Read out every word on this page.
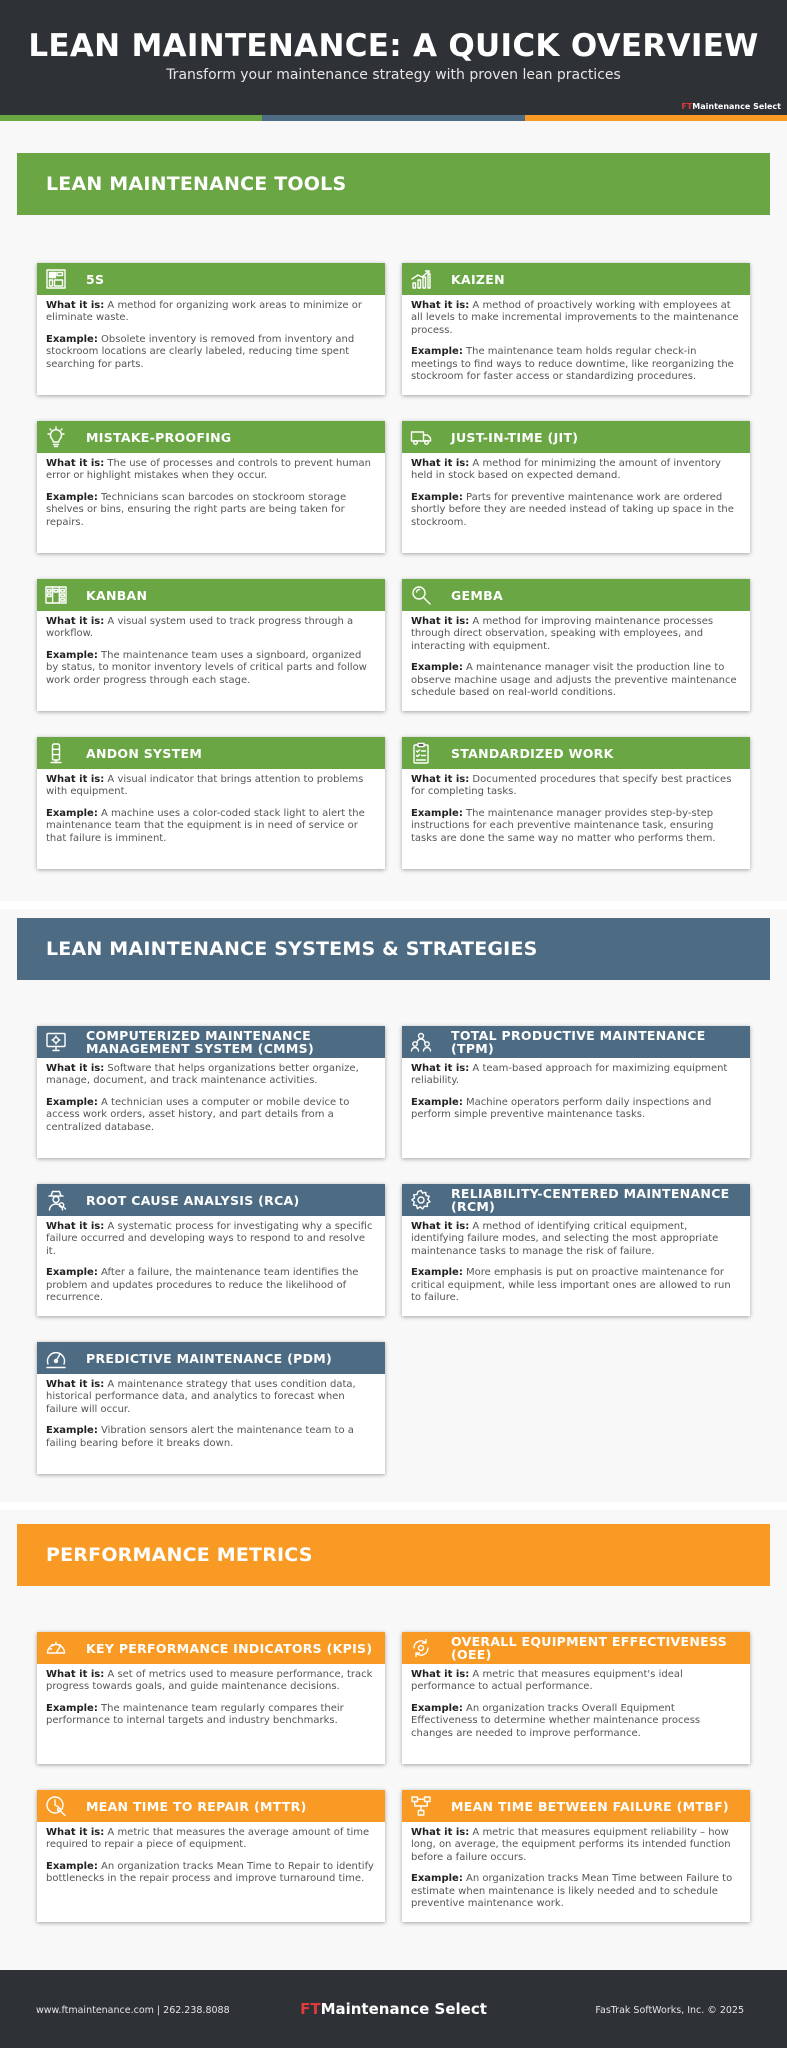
LEAN MAINTENANCE: A QUICK OVERVIEW
Transform your maintenance strategy with proven lean practices
FTMaintenance Select
LEAN MAINTENANCE TOOLS
LEAN MAINTENANCE SYSTEMS & STRATEGIES
PERFORMANCE METRICS
5S

What it is: A method for organizing work areas to minimize or eliminate waste.

Example: Obsolete inventory is removed from inventory and stockroom locations are clearly labeled, reducing time spent searching for parts.

KAIZEN

What it is: A method of proactively working with employees at all levels to make incremental improvements to the maintenance process.

Example: The maintenance team holds regular check-in meetings to find ways to reduce downtime, like reorganizing the stockroom for faster access or standardizing procedures.

MISTAKE-PROOFING

What it is: The use of processes and controls to prevent human error or highlight mistakes when they occur.

Example: Technicians scan barcodes on stockroom storage shelves or bins, ensuring the right parts are being taken for repairs.

JUST-IN-TIME (JIT)

What it is: A method for minimizing the amount of inventory held in stock based on expected demand.

Example: Parts for preventive maintenance work are ordered shortly before they are needed instead of taking up space in the stockroom.

KANBAN

What it is: A visual system used to track progress through a workflow.

Example: The maintenance team uses a signboard, organized by status, to monitor inventory levels of critical parts and follow work order progress through each stage.

GEMBA

What it is: A method for improving maintenance processes through direct observation, speaking with employees, and interacting with equipment.

Example: A maintenance manager visit the production line to observe machine usage and adjusts the preventive maintenance schedule based on real-world conditions.

ANDON SYSTEM

What it is: A visual indicator that brings attention to problems with equipment.

Example: A machine uses a color-coded stack light to alert the maintenance team that the equipment is in need of service or that failure is imminent.

STANDARDIZED WORK

What it is: Documented procedures that specify best practices for completing tasks.

Example: The maintenance manager provides step-by-step instructions for each preventive maintenance task, ensuring tasks are done the same way no matter who performs them.

COMPUTERIZED MAINTENANCE MANAGEMENT SYSTEM (CMMS)

What it is: Software that helps organizations better organize, manage, document, and track maintenance activities.

Example: A technician uses a computer or mobile device to access work orders, asset history, and part details from a centralized database.

TOTAL PRODUCTIVE MAINTENANCE (TPM)

What it is: A team-based approach for maximizing equipment reliability.

Example: Machine operators perform daily inspections and perform simple preventive maintenance tasks.

ROOT CAUSE ANALYSIS (RCA)

What it is: A systematic process for investigating why a specific failure occurred and developing ways to respond to and resolve it.

Example: After a failure, the maintenance team identifies the problem and updates procedures to reduce the likelihood of recurrence.

RELIABILITY-CENTERED MAINTENANCE (RCM)

What it is: A method of identifying critical equipment, identifying failure modes, and selecting the most appropriate maintenance tasks to manage the risk of failure.

Example: More emphasis is put on proactive maintenance for critical equipment, while less important ones are allowed to run to failure.

PREDICTIVE MAINTENANCE (PDM)

What it is: A maintenance strategy that uses condition data, historical performance data, and analytics to forecast when failure will occur.

Example: Vibration sensors alert the maintenance team to a failing bearing before it breaks down.

KEY PERFORMANCE INDICATORS (KPIS)

What it is: A set of metrics used to measure performance, track progress towards goals, and guide maintenance decisions.

Example: The maintenance team regularly compares their performance to internal targets and industry benchmarks.

OVERALL EQUIPMENT EFFECTIVENESS (OEE)

What it is: A metric that measures equipment's ideal performance to actual performance.

Example: An organization tracks Overall Equipment Effectiveness to determine whether maintenance process changes are needed to improve performance.

MEAN TIME TO REPAIR (MTTR)

What it is: A metric that measures the average amount of time required to repair a piece of equipment.

Example: An organization tracks Mean Time to Repair to identify bottlenecks in the repair process and improve turnaround time.

MEAN TIME BETWEEN FAILURE (MTBF)

What it is: A metric that measures equipment reliability – how long, on average, the equipment performs its intended function before a failure occurs.

Example: An organization tracks Mean Time between Failure to estimate when maintenance is likely needed and to schedule preventive maintenance work.

www.ftmaintenance.com | 262.238.8088	FTMaintenance Select	FasTrak SoftWorks, Inc. © 2025
